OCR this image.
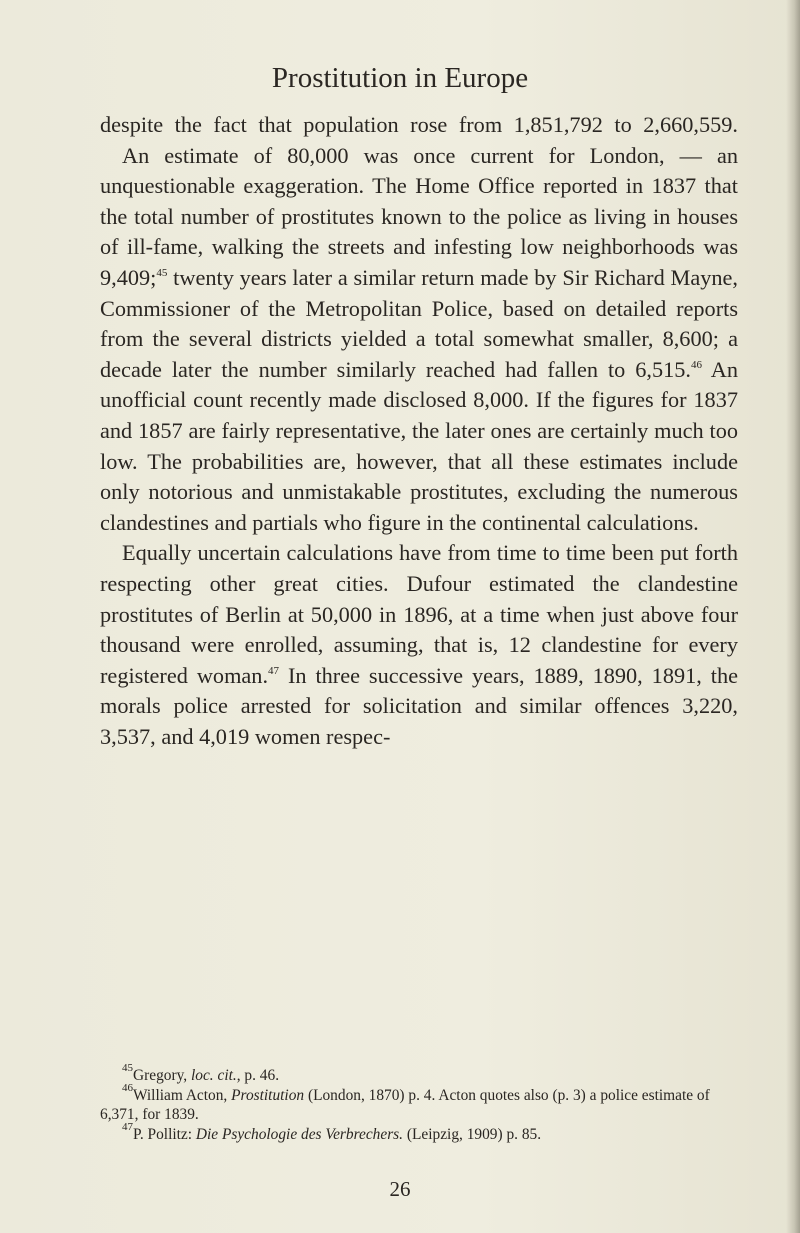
Prostitution in Europe

despite the fact that population rose from 1,851,792 to 2,660,559.

An estimate of 80,000 was once current for London, — an unquestionable exaggeration. The Home Office reported in 1837 that the total number of prostitutes known to the police as living in houses of ill-fame, walking the streets and infesting low neighborhoods was 9,409;$^{45}$ twenty years later a similar return made by Sir Richard Mayne, Commissioner of the Metropolitan Police, based on detailed reports from the several districts yielded a total somewhat smaller, 8,600; a decade later the number similarly reached had fallen to 6,515.46 An unofficial count recently made disclosed 8,000. If the figures for 1837 and 1857 are fairly representative, the later ones are certainly much too low. The probabilities are, however, that all these estimates include only notorious and unmistakable prostitutes, excluding the numerous clandestines and partials who figure in the continental calculations.

Equally uncertain calculations have from time to time been put forth respecting other great cities. Dufour estimated the clandestine prostitutes of Berlin at 50,000 in 1896, at a time when just above four thousand were enrolled, assuming, that is, 12 clandestine for every registered woman.$^{47}$ In three successive years, 1889, 1890, 1891, the morals police arrested for solicitation and similar offences 3,220, 3,537, and 4,019 women respec-

$^{45}$Gregory, loc. cit., p. 46.

$^{46}$William Acton, Prostitution (London, 1870) p. 4. Acton quotes also (p. 3) a police estimate of 6,371, for 1839.

$^{47}$P. Pollitz: Die Psychologie des Verbrechers. (Leipzig, 1909) p. 85.

26
